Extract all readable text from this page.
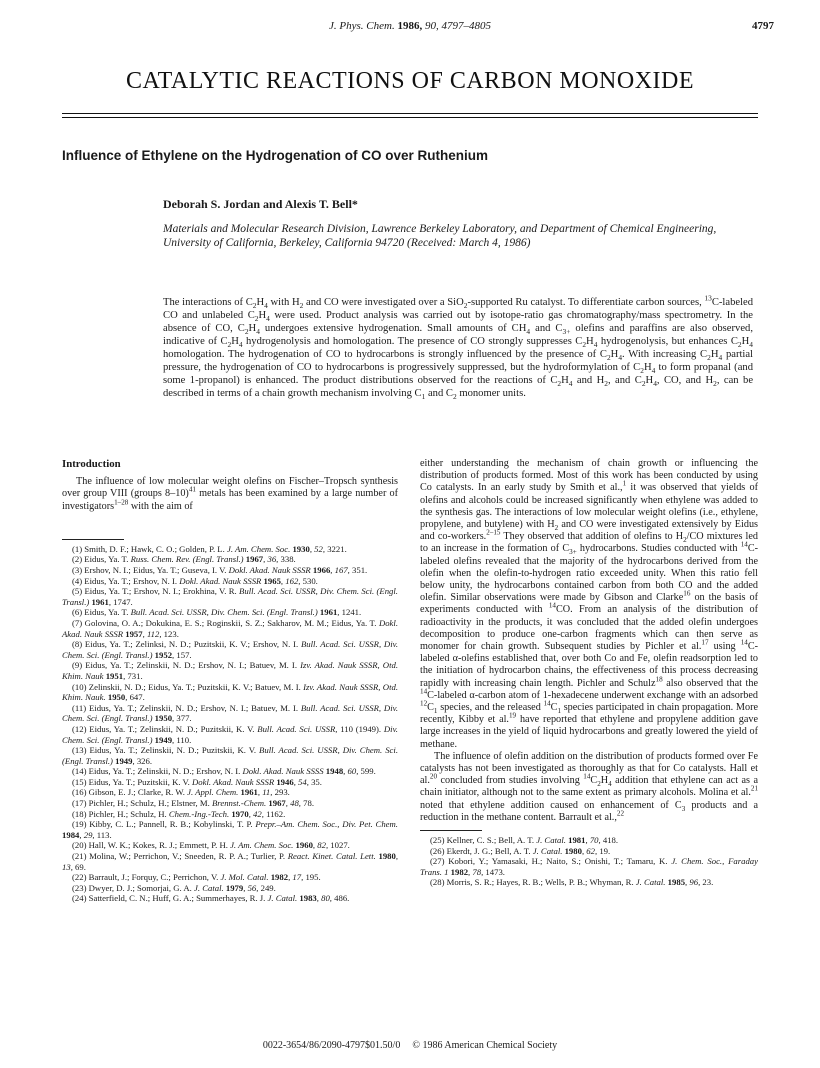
J. Phys. Chem. 1986, 90, 4797–4805	4797
CATALYTIC REACTIONS OF CARBON MONOXIDE
Influence of Ethylene on the Hydrogenation of CO over Ruthenium
Deborah S. Jordan and Alexis T. Bell*
Materials and Molecular Research Division, Lawrence Berkeley Laboratory, and Department of Chemical Engineering, University of California, Berkeley, California 94720 (Received: March 4, 1986)
The interactions of $C_2H_4$ with $H_2$ and CO were investigated over a SiO$_2$-supported Ru catalyst. To differentiate carbon sources, $^{13}$C-labeled CO and unlabeled $C_2H_4$ were used. Product analysis was carried out by isotope-ratio gas chromatography/mass spectrometry. In the absence of CO, $C_2H_4$ undergoes extensive hydrogenation. Small amounts of $CH_4$ and $C_{3+}$ olefins and paraffins are also observed, indicative of $C_2H_4$ hydrogenolysis and homologation. The presence of CO strongly suppresses $C_2H_4$ hydrogenolysis, but enhances $C_2H_4$ homologation. The hydrogenation of CO to hydrocarbons is strongly influenced by the presence of $C_2H_4$. With increasing $C_2H_4$ partial pressure, the hydrogenation of CO to hydrocarbons is progressively suppressed, but the hydroformylation of $C_2H_4$ to form propanal (and some 1-propanol) is enhanced. The product distributions observed for the reactions of $C_2H_4$ and $H_2$, and $C_2H_4$, CO, and $H_2$, can be described in terms of a chain growth mechanism involving $C_1$ and $C_2$ monomer units.
Introduction

The influence of low molecular weight olefins on Fischer–Tropsch synthesis over group VIII (groups 8–10)$^{41}$ metals has been examined by a large number of investigators$^{1-28}$ with the aim of

(1) Smith, D. F.; Hawk, C. O.; Golden, P. L. J. Am. Chem. Soc. 1930, 52, 3221.
(2) Eidus, Ya. T. Russ. Chem. Rev. (Engl. Transl.) 1967, 36, 338.
(3) Ershov, N. I.; Eidus, Ya. T.; Guseva, I. V. Dokl. Akad. Nauk SSSR 1966, 167, 351.
(4) Eidus, Ya. T.; Ershov, N. I. Dokl. Akad. Nauk SSSR 1965, 162, 530.
(5) Eidus, Ya. T.; Ershov, N. I.; Erokhina, V. R. Bull. Acad. Sci. USSR, Div. Chem. Sci. (Engl. Transl.) 1961, 1747.
(6) Eidus, Ya. T. Bull. Acad. Sci. USSR, Div. Chem. Sci. (Engl. Transl.) 1961, 1241.
(7) Golovina, O. A.; Dokukina, E. S.; Roginskii, S. Z.; Sakharov, M. M.; Eidus, Ya. T. Dokl. Akad. Nauk SSSR 1957, 112, 123.
(8) Eidus, Ya. T.; Zelinksi, N. D.; Puzitskii, K. V.; Ershov, N. I. Bull. Acad. Sci. USSR, Div. Chem. Sci. (Engl. Transl.) 1952, 157.
(9) Eidus, Ya. T.; Zelinskii, N. D.; Ershov, N. I.; Batuev, M. I. Izv. Akad. Nauk SSSR, Otd. Khim. Nauk 1951, 731.
(10) Zelinskii, N. D.; Eidus, Ya. T.; Puzitskii, K. V.; Batuev, M. I. Izv. Akad. Nauk SSSR, Otd. Khim. Nauk. 1950, 647.
(11) Eidus, Ya. T.; Zelinskii, N. D.; Ershov, N. I.; Batuev, M. I. Bull. Acad. Sci. USSR, Div. Chem. Sci. (Engl. Transl.) 1950, 377.
(12) Eidus, Ya. T.; Zelinskii, N. D.; Puzitskii, K. V. Bull. Acad. Sci. USSR, 110 (1949). Div. Chem. Sci. (Engl. Transl.) 1949, 110.
(13) Eidus, Ya. T.; Zelinskii, N. D.; Puzitskii, K. V. Bull. Acad. Sci. USSR, Div. Chem. Sci. (Engl. Transl.) 1949, 326.
(14) Eidus, Ya. T.; Zelinskii, N. D.; Ershov, N. I. Dokl. Akad. Nauk SSSS 1948, 60, 599.
(15) Eidus, Ya. T.; Puzitskii, K. V. Dokl. Akad. Nauk SSSR 1946, 54, 35.
(16) Gibson, E. J.; Clarke, R. W. J. Appl. Chem. 1961, 11, 293.
(17) Pichler, H.; Schulz, H.; Elstner, M. Brennst.-Chem. 1967, 48, 78.
(18) Pichler, H.; Schulz, H. Chem.-Ing.-Tech. 1970, 42, 1162.
(19) Kibby, C. L.; Pannell, R. B.; Kobylinski, T. P. Prepr.–Am. Chem. Soc., Div. Pet. Chem. 1984, 29, 113.
(20) Hall, W. K.; Kokes, R. J.; Emmett, P. H. J. Am. Chem. Soc. 1960, 82, 1027.
(21) Molina, W.; Perrichon, V.; Sneeden, R. P. A.; Turlier, P. React. Kinet. Catal. Lett. 1980, 13, 69.
(22) Barrault, J.; Forquy, C.; Perrichon, V. J. Mol. Catal. 1982, 17, 195.
(23) Dwyer, D. J.; Somorjai, G. A. J. Catal. 1979, 56, 249.
(24) Satterfield, C. N.; Huff, G. A.; Summerhayes, R. J. J. Catal. 1983, 80, 486.

either understanding the mechanism of chain growth or influencing the distribution of products formed. Most of this work has been conducted by using Co catalysts. In an early study by Smith et al.,$^1$ it was observed that yields of olefins and alcohols could be increased significantly when ethylene was added to the synthesis gas. The interactions of low molecular weight olefins (i.e., ethylene, propylene, and butylene) with $H_2$ and CO were investigated extensively by Eidus and co-workers.$^{2-15}$ They observed that addition of olefins to $H_2/CO$ mixtures led to an increase in the formation of $C_{3+}$ hydrocarbons. Studies conducted with $^{14}$C-labeled olefins revealed that the majority of the hydrocarbons derived from the olefin when the olefin-to-hydrogen ratio exceeded unity. When this ratio fell below unity, the hydrocarbons contained carbon from both CO and the added olefin. Similar observations were made by Gibson and Clarke$^{16}$ on the basis of experiments conducted with $^{14}$CO. From an analysis of the distribution of radioactivity in the products, it was concluded that the added olefin undergoes decomposition to produce one-carbon fragments which can then serve as monomer for chain growth. Subsequent studies by Pichler et al.$^{17}$ using $^{14}$C-labeled α-olefins established that, over both Co and Fe, olefin readsorption led to the initiation of hydrocarbon chains, the effectiveness of this process decreasing rapidly with increasing chain length. Pichler and Schulz$^{18}$ also observed that the $^{14}$C-labeled α-carbon atom of 1-hexadecene underwent exchange with an adsorbed $^{12}C_1$ species, and the released $^{14}C_1$ species participated in chain propagation. More recently, Kibby et al.$^{19}$ have reported that ethylene and propylene addition gave large increases in the yield of liquid hydrocarbons and greatly lowered the yield of methane.

The influence of olefin addition on the distribution of products formed over Fe catalysts has not been investigated as thoroughly as that for Co catalysts. Hall et al.$^{20}$ concluded from studies involving $^{14}C_2H_4$ addition that ethylene can act as a chain initiator, although not to the same extent as primary alcohols. Molina et al.$^{21}$ noted that ethylene addition caused on enhancement of $C_3$ products and a reduction in the methane content. Barrault et al.,$^{22}$

(25) Kellner, C. S.; Bell, A. T. J. Catal. 1981, 70, 418.
(26) Ekerdt, J. G.; Bell, A. T. J. Catal. 1980, 62, 19.
(27) Kobori, Y.; Yamasaki, H.; Naito, S.; Onishi, T.; Tamaru, K. J. Chem. Soc., Faraday Trans. 1 1982, 78, 1473.
(28) Morris, S. R.; Hayes, R. B.; Wells, P. B.; Whyman, R. J. Catal. 1985, 96, 23.
0022-3654/86/2090-4797$01.50/0 © 1986 American Chemical Society
